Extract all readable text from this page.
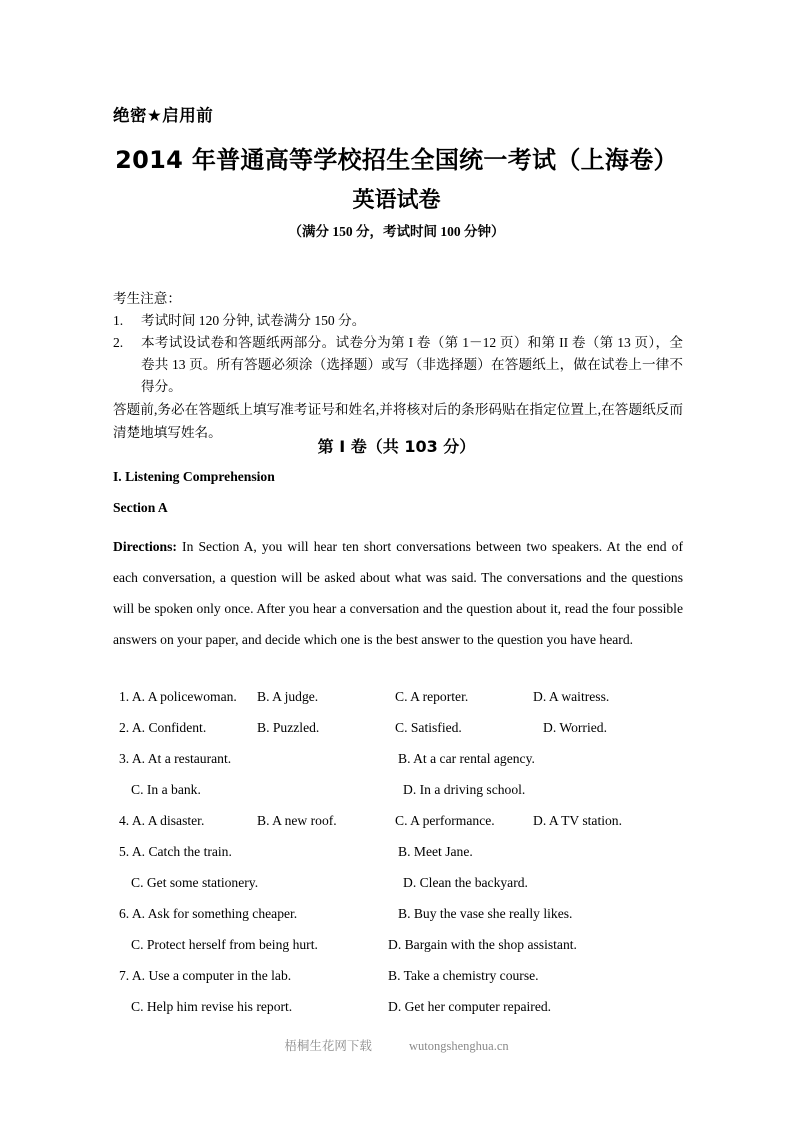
绝密★启用前
2014 年普通高等学校招生全国统一考试（上海卷）
英语试卷
（满分 150 分，考试时间 100 分钟）
考生注意：
1.	考试时间 120 分钟, 试卷满分 150 分。
2.	本考试设试卷和答题纸两部分。试卷分为第 I 卷（第 1－12 页）和第 II 卷（第 13 页），全卷共 13 页。所有答题必须涂（选择题）或写（非选择题）在答题纸上，做在试卷上一律不得分。
答题前,务必在答题纸上填写准考证号和姓名,并将核对后的条形码贴在指定位置上,在答题纸反而清楚地填写姓名。
第 I 卷（共 103 分）
I. Listening Comprehension
Section A
Directions: In Section A, you will hear ten short conversations between two speakers. At the end of each conversation, a question will be asked about what was said. The conversations and the questions will be spoken only once. After you hear a conversation and the question about it, read the four possible answers on your paper, and decide which one is the best answer to the question you have heard.
1. A. A policewoman. B. A judge.	C. A reporter.	D. A waitress.
2. A. Confident.	B. Puzzled.	C. Satisfied.	D. Worried.
3. A. At a restaurant.	B. At a car rental agency.
C. In a bank.	D. In a driving school.
4. A. A disaster.	B. A new roof.	C. A performance.	D. A TV station.
5. A. Catch the train.	B. Meet Jane.
C. Get some stationery.	D. Clean the backyard.
6. A. Ask for something cheaper.	B. Buy the vase she really likes.
C. Protect herself from being hurt.	D. Bargain with the shop assistant.
7. A. Use a computer in the lab.	B. Take a chemistry course.
C. Help him revise his report.	D. Get her computer repaired.
梧桐生花网下载	wutongshenghua.cn
